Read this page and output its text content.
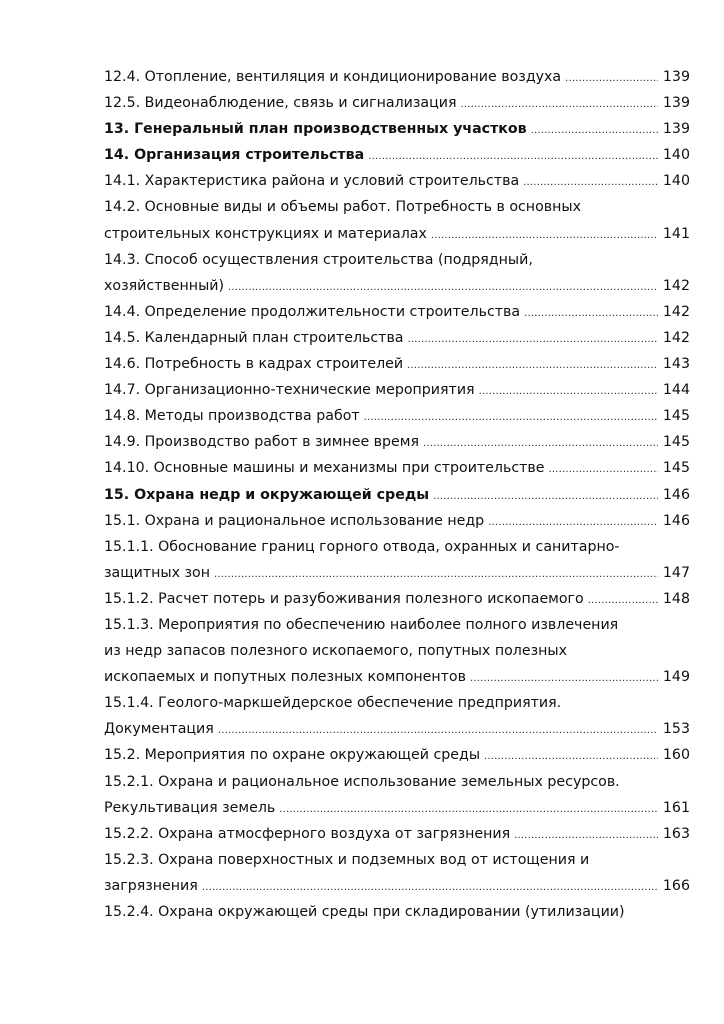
12.4. Отопление, вентиляция и кондиционирование воздуха .....	139
12.5. Видеонаблюдение, связь и сигнализация .....	139
13. Генеральный план производственных участков .....	139
14. Организация строительства .....	140
14.1. Характеристика района и условий строительства .....	140
14.2. Основные виды и объемы работ. Потребность в основных
строительных конструкциях и материалах .....	141
14.3. Способ осуществления строительства (подрядный,
хозяйственный) .....	142
14.4. Определение продолжительности строительства .....	142
14.5. Календарный план строительства .....	142
14.6. Потребность в кадрах строителей .....	143
14.7. Организационно-технические мероприятия .....	144
14.8. Методы производства работ .....	145
14.9. Производство работ в зимнее время .....	145
14.10. Основные машины и механизмы при строительстве .....	145
15. Охрана недр и окружающей среды .....	146
15.1. Охрана и рациональное использование недр .....	146
15.1.1. Обоснование границ горного отвода, охранных и санитарно-
защитных зон .....	147
15.1.2. Расчет потерь и разубоживания полезного ископаемого .....	148
15.1.3. Мероприятия по обеспечению наиболее полного извлечения
из недр запасов полезного ископаемого, попутных полезных
ископаемых и попутных полезных компонентов .....	149
15.1.4. Геолого-маркшейдерское обеспечение предприятия.
Документация .....	153
15.2. Мероприятия по охране окружающей среды .....	160
15.2.1. Охрана и рациональное использование земельных ресурсов.
Рекультивация земель .....	161
15.2.2. Охрана атмосферного воздуха от загрязнения .....	163
15.2.3. Охрана поверхностных и подземных вод от истощения и
загрязнения .....	166
15.2.4. Охрана окружающей среды при складировании (утилизации)
